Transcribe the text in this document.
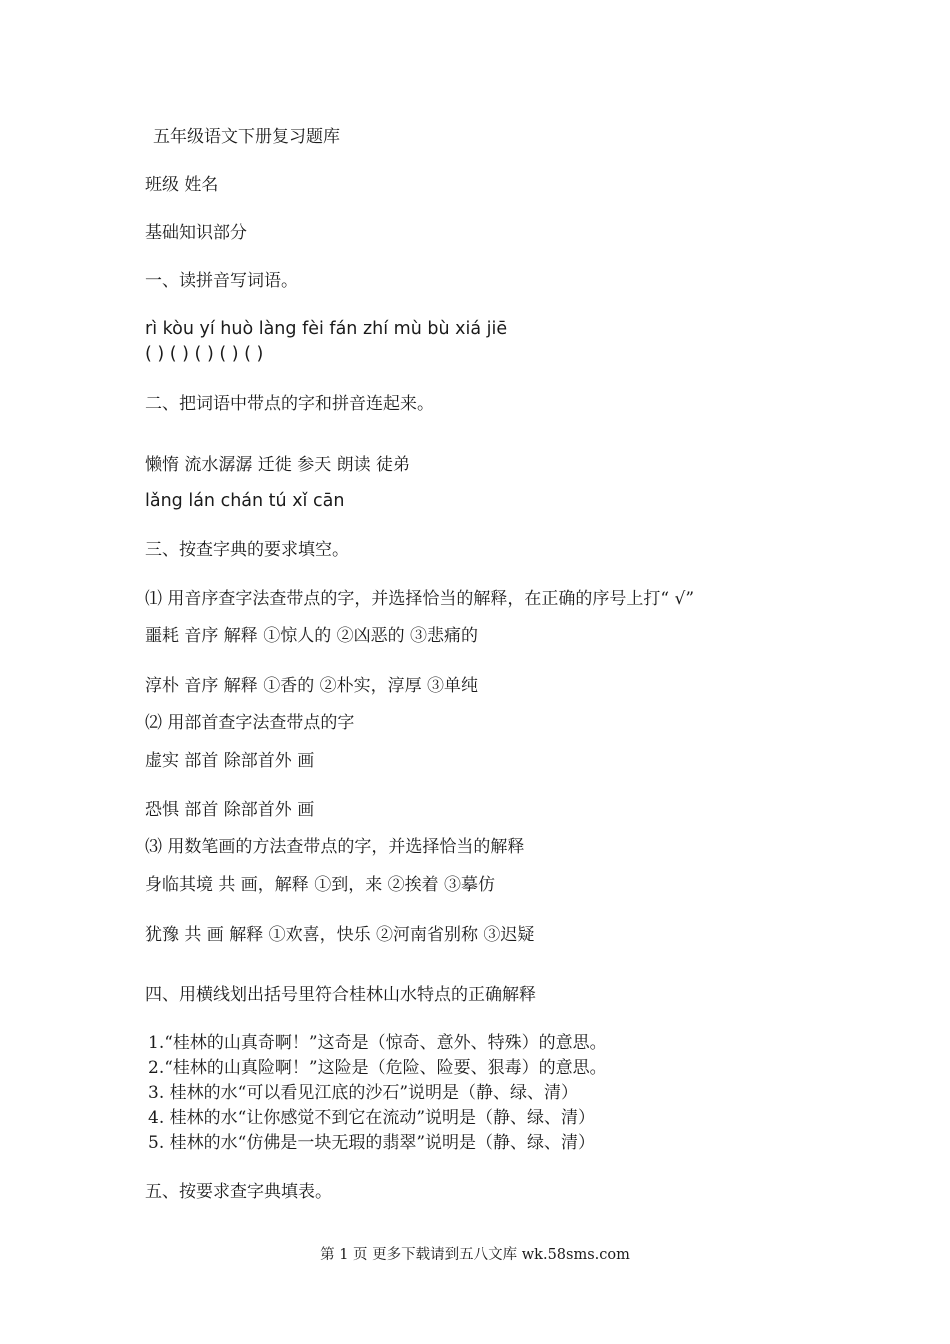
五年级语文下册复习题库
班级 姓名
基础知识部分
一、读拼音写词语。
rì kòu yí huò làng fèi fán zhí mù bù xiá jiē
( ) ( ) ( ) ( ) ( )
二、把词语中带点的字和拼音连起来。
懒惰 流水潺潺 迁徙 参天 朗读 徒弟
lǎng lán chán tú xǐ cān
三、按查字典的要求填空。
⑴ 用音序查字法查带点的字，并选择恰当的解释，在正确的序号上打“ √”
噩耗 音序 解释 ①惊人的 ②凶恶的 ③悲痛的
淳朴 音序 解释 ①香的 ②朴实，淳厚 ③单纯
⑵ 用部首查字法查带点的字
虚实 部首 除部首外 画
恐惧 部首 除部首外 画
⑶ 用数笔画的方法查带点的字，并选择恰当的解释
身临其境 共 画，解释 ①到，来 ②挨着 ③摹仿
犹豫 共 画 解释 ①欢喜，快乐 ②河南省别称 ③迟疑
四、用横线划出括号里符合桂林山水特点的正确解释
1.“桂林的山真奇啊！”这奇是（惊奇、意外、特殊）的意思。
2.“桂林的山真险啊！”这险是（危险、险要、狠毒）的意思。
3. 桂林的水“可以看见江底的沙石”说明是（静、绿、清）
4. 桂林的水“让你感觉不到它在流动”说明是（静、绿、清）
5. 桂林的水“仿佛是一块无瑕的翡翠”说明是（静、绿、清）
五、按要求查字典填表。
第 1 页 更多下载请到五八文库 wk.58sms.com
